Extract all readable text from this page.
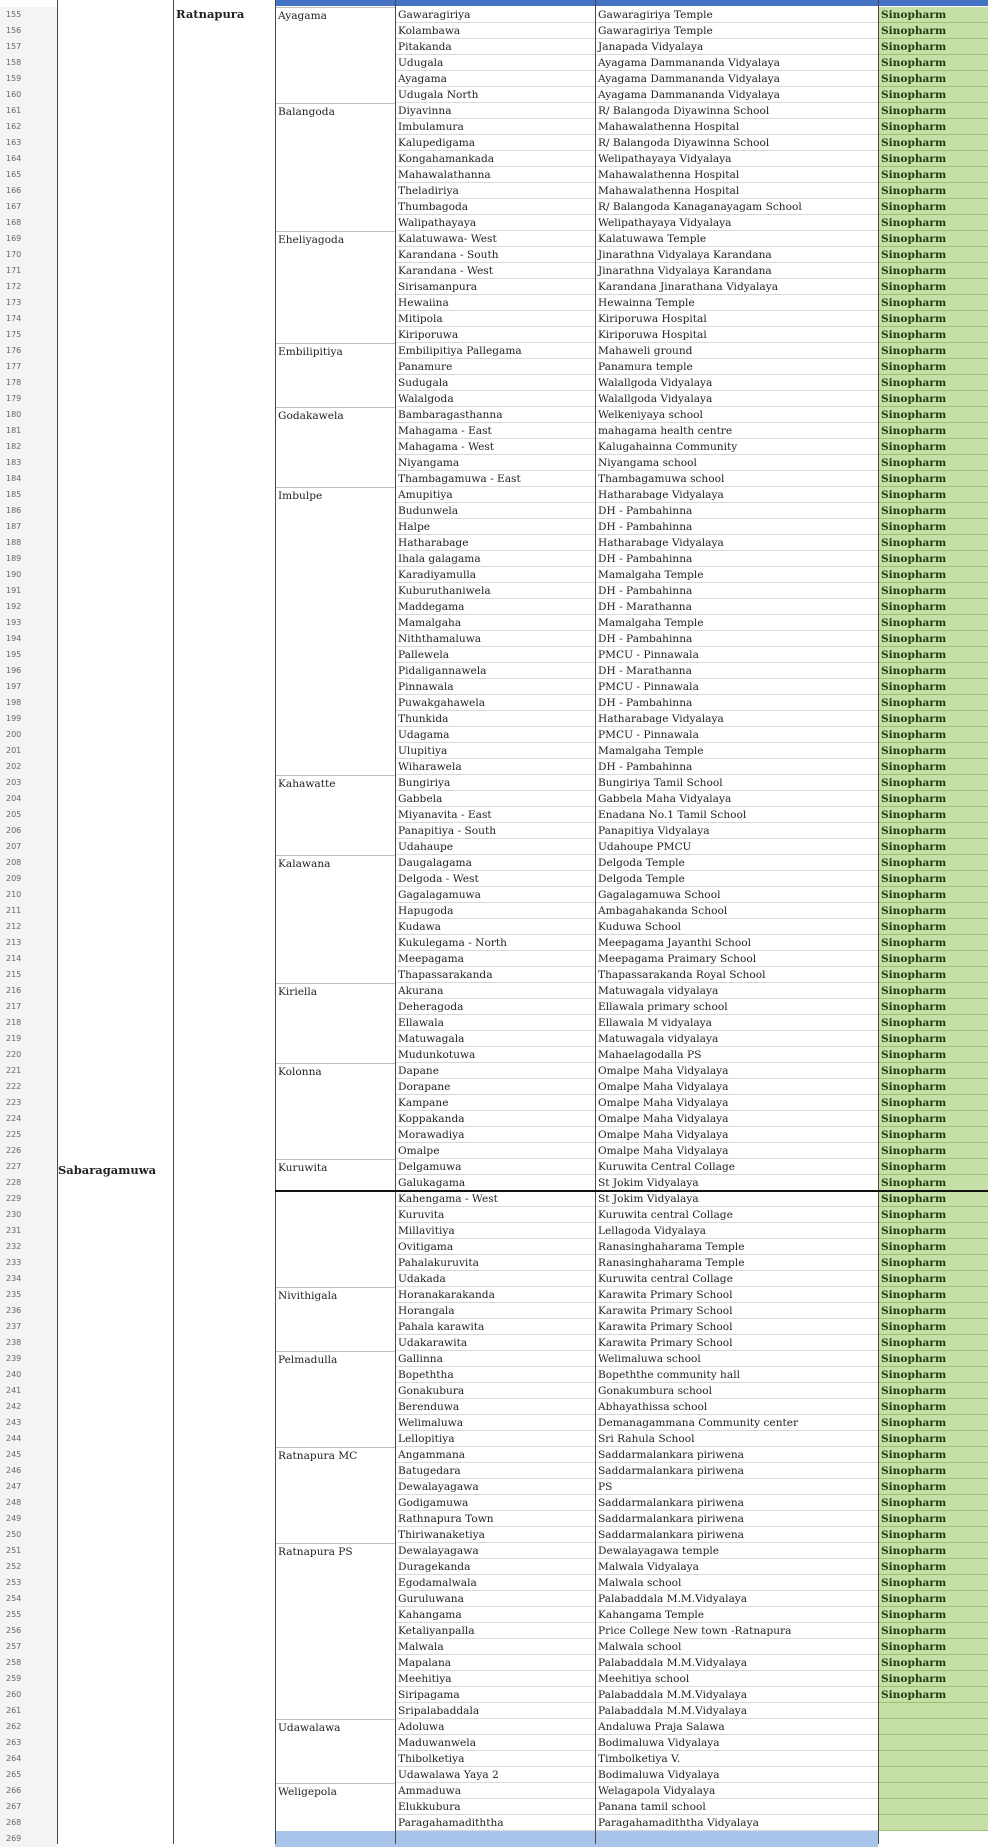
155	Ayagama	Gawaragiriya	Gawaragiriya Temple	Sinopharm
156	Kolambawa	Gawaragiriya Temple	Sinopharm
157	Pitakanda	Janapada Vidyalaya	Sinopharm
158	Udugala	Ayagama Dammananda Vidyalaya	Sinopharm
159	Ayagama	Ayagama Dammananda Vidyalaya	Sinopharm
160	Udugala North	Ayagama Dammananda Vidyalaya	Sinopharm
161	Balangoda	Diyavinna	R/ Balangoda Diyawinna School	Sinopharm
162	Imbulamura	Mahawalathenna Hospital	Sinopharm
163	Kalupedigama	R/ Balangoda Diyawinna School	Sinopharm
164	Kongahamankada	Welipathayaya Vidyalaya	Sinopharm
165	Mahawalathanna	Mahawalathenna Hospital	Sinopharm
166	Theladiriya	Mahawalathenna Hospital	Sinopharm
167	Thumbagoda	R/ Balangoda Kanaganayagam School	Sinopharm
168	Walipathayaya	Welipathayaya Vidyalaya	Sinopharm
169	Eheliyagoda	Kalatuwawa- West	Kalatuwawa Temple	Sinopharm
170	Karandana - South	Jinarathna Vidyalaya Karandana	Sinopharm
171	Karandana - West	Jinarathna Vidyalaya Karandana	Sinopharm
172	Sirisamanpura	Karandana Jinarathana Vidyalaya	Sinopharm
173	Hewaiina	Hewainna Temple	Sinopharm
174	Mitipola	Kiriporuwa Hospital	Sinopharm
175	Kiriporuwa	Kiriporuwa Hospital	Sinopharm
176	Embilipitiya	Embilipitiya Pallegama	Mahaweli ground	Sinopharm
177	Panamure	Panamura temple	Sinopharm
178	Sudugala	Walallgoda Vidyalaya	Sinopharm
179	Walalgoda	Walallgoda Vidyalaya	Sinopharm
180	Godakawela	Bambaragasthanna	Welkeniyaya school	Sinopharm
181	Mahagama - East	mahagama health centre	Sinopharm
182	Mahagama - West	Kalugahainna Community	Sinopharm
183	Niyangama	Niyangama school	Sinopharm
184	Thambagamuwa - East	Thambagamuwa school	Sinopharm
185	Imbulpe	Amupitiya	Hatharabage Vidyalaya	Sinopharm
186	Budunwela	DH - Pambahinna	Sinopharm
187	Halpe	DH - Pambahinna	Sinopharm
188	Hatharabage	Hatharabage Vidyalaya	Sinopharm
189	Ihala galagama	DH - Pambahinna	Sinopharm
190	Karadiyamulla	Mamalgaha Temple	Sinopharm
191	Kuburuthaniwela	DH - Pambahinna	Sinopharm
192	Maddegama	DH - Marathanna	Sinopharm
193	Mamalgaha	Mamalgaha Temple	Sinopharm
194	Niththamaluwa	DH - Pambahinna	Sinopharm
195	Pallewela	PMCU - Pinnawala	Sinopharm
196	Pidaligannawela	DH - Marathanna	Sinopharm
197	Pinnawala	PMCU - Pinnawala	Sinopharm
198	Puwakgahawela	DH - Pambahinna	Sinopharm
199	Thunkida	Hatharabage Vidyalaya	Sinopharm
200	Udagama	PMCU - Pinnawala	Sinopharm
201	Ulupitiya	Mamalgaha Temple	Sinopharm
202	Wiharawela	DH - Pambahinna	Sinopharm
203	Kahawatte	Bungiriya	Bungiriya Tamil School	Sinopharm
204	Gabbela	Gabbela Maha Vidyalaya	Sinopharm
205	Miyanavita - East	Enadana No.1 Tamil School	Sinopharm
206	Panapitiya - South	Panapitiya Vidyalaya	Sinopharm
207	Udahaupe	Udahoupe PMCU	Sinopharm
208	Kalawana	Daugalagama	Delgoda Temple	Sinopharm
209	Delgoda - West	Delgoda Temple	Sinopharm
210	Gagalagamuwa	Gagalagamuwa School	Sinopharm
211	Hapugoda	Ambagahakanda School	Sinopharm
212	Kudawa	Kuduwa School	Sinopharm
213	Kukulegama - North	Meepagama Jayanthi School	Sinopharm
214	Meepagama	Meepagama Praimary School	Sinopharm
215	Thapassarakanda	Thapassarakanda Royal School	Sinopharm
216	Kiriella	Akurana	Matuwagala vidyalaya	Sinopharm
217	Deheragoda	Ellawala primary school	Sinopharm
218	Ellawala	Ellawala M vidyalaya	Sinopharm
219	Matuwagala	Matuwagala vidyalaya	Sinopharm
220	Mudunkotuwa	Mahaelagodalla PS	Sinopharm
221	Kolonna	Dapane	Omalpe Maha Vidyalaya	Sinopharm
222	Dorapane	Omalpe Maha Vidyalaya	Sinopharm
223	Kampane	Omalpe Maha Vidyalaya	Sinopharm
224	Koppakanda	Omalpe Maha Vidyalaya	Sinopharm
225	Morawadiya	Omalpe Maha Vidyalaya	Sinopharm
226	Omalpe	Omalpe Maha Vidyalaya	Sinopharm
227	Kuruwita	Delgamuwa	Kuruwita Central Collage	Sinopharm
228	Galukagama	St Jokim Vidyalaya	Sinopharm
229	Kahengama - West	St Jokim Vidyalaya	Sinopharm
230	Kuruvita	Kuruwita central Collage	Sinopharm
231	Millavitiya	Lellagoda Vidyalaya	Sinopharm
232	Ovitigama	Ranasinghaharama Temple	Sinopharm
233	Pahalakuruvita	Ranasinghaharama Temple	Sinopharm
234	Udakada	Kuruwita central Collage	Sinopharm
235	Nivithigala	Horanakarakanda	Karawita Primary School	Sinopharm
236	Horangala	Karawita Primary School	Sinopharm
237	Pahala karawita	Karawita Primary School	Sinopharm
238	Udakarawita	Karawita Primary School	Sinopharm
239	Pelmadulla	Gallinna	Welimaluwa school	Sinopharm
240	Bopeththa	Bopeththe community hall	Sinopharm
241	Gonakubura	Gonakumbura school	Sinopharm
242	Berenduwa	Abhayathissa school	Sinopharm
243	Welimaluwa	Demanagammana Community center	Sinopharm
244	Lellopitiya	Sri Rahula School	Sinopharm
245	Ratnapura MC	Angammana	Saddarmalankara piriwena	Sinopharm
246	Batugedara	Saddarmalankara piriwena	Sinopharm
247	Dewalayagawa	PS	Sinopharm
248	Godigamuwa	Saddarmalankara piriwena	Sinopharm
249	Rathnapura Town	Saddarmalankara piriwena	Sinopharm
250	Thiriwanaketiya	Saddarmalankara piriwena	Sinopharm
251	Ratnapura PS	Dewalayagawa	Dewalayagawa temple	Sinopharm
252	Duragekanda	Malwala Vidyalaya	Sinopharm
253	Egodamalwala	Malwala school	Sinopharm
254	Guruluwana	Palabaddala M.M.Vidyalaya	Sinopharm
255	Kahangama	Kahangama Temple	Sinopharm
256	Ketaliyanpalla	Price College New town -Ratnapura	Sinopharm
257	Malwala	Malwala school	Sinopharm
258	Mapalana	Palabaddala M.M.Vidyalaya	Sinopharm
259	Meehitiya	Meehitiya school	Sinopharm
260	Siripagama	Palabaddala M.M.Vidyalaya	Sinopharm
261	Sripalabaddala	Palabaddala M.M.Vidyalaya
262	Udawalawa	Adoluwa	Andaluwa Praja Salawa
263	Maduwanwela	Bodimaluwa Vidyalaya
264	Thibolketiya	Timbolketiya V.
265	Udawalawa Yaya 2	Bodimaluwa Vidyalaya
266	Weligepola	Ammaduwa	Welagapola Vidyalaya
267	Elukkubura	Panana tamil school
268	Paragahamadiththa	Paragahamadiththa Vidyalaya
269
Ratnapura
Sabaragamuwa
